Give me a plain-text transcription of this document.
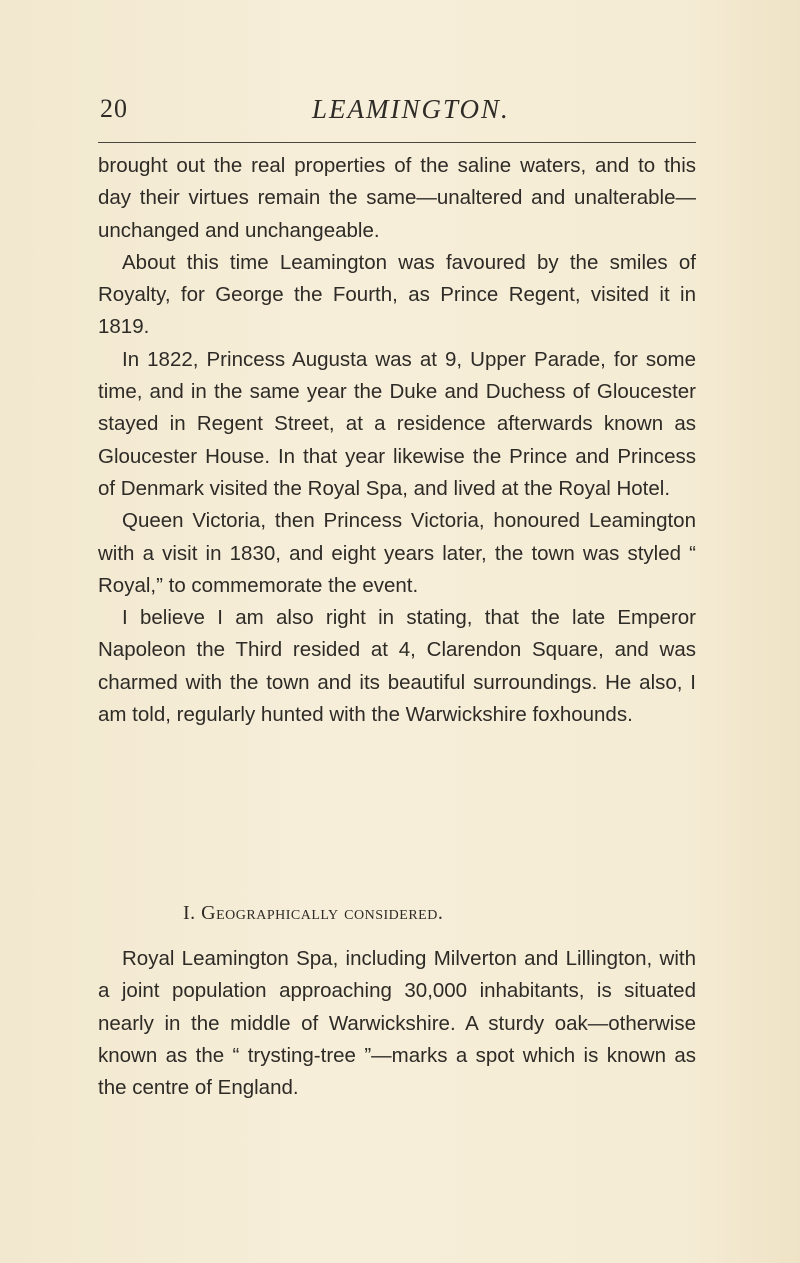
20	LEAMINGTON.

brought out the real properties of the saline waters, and to this day their virtues remain the same—unaltered and unalterable—unchanged and unchangeable.

About this time Leamington was favoured by the smiles of Royalty, for George the Fourth, as Prince Regent, visited it in 1819.

In 1822, Princess Augusta was at 9, Upper Parade, for some time, and in the same year the Duke and Duchess of Gloucester stayed in Regent Street, at a residence afterwards known as Gloucester House. In that year likewise the Prince and Princess of Denmark visited the Royal Spa, and lived at the Royal Hotel.

Queen Victoria, then Princess Victoria, honoured Leamington with a visit in 1830, and eight years later, the town was styled “ Royal,” to commemorate the event.

I believe I am also right in stating, that the late Emperor Napoleon the Third resided at 4, Clarendon Square, and was charmed with the town and its beautiful surroundings. He also, I am told, regularly hunted with the Warwickshire foxhounds.

I. Geographically considered.

Royal Leamington Spa, including Milverton and Lillington, with a joint population approaching 30,000 inhabitants, is situated nearly in the middle of Warwickshire. A sturdy oak—otherwise known as the “ trysting-tree ”—marks a spot which is known as the centre of England.
